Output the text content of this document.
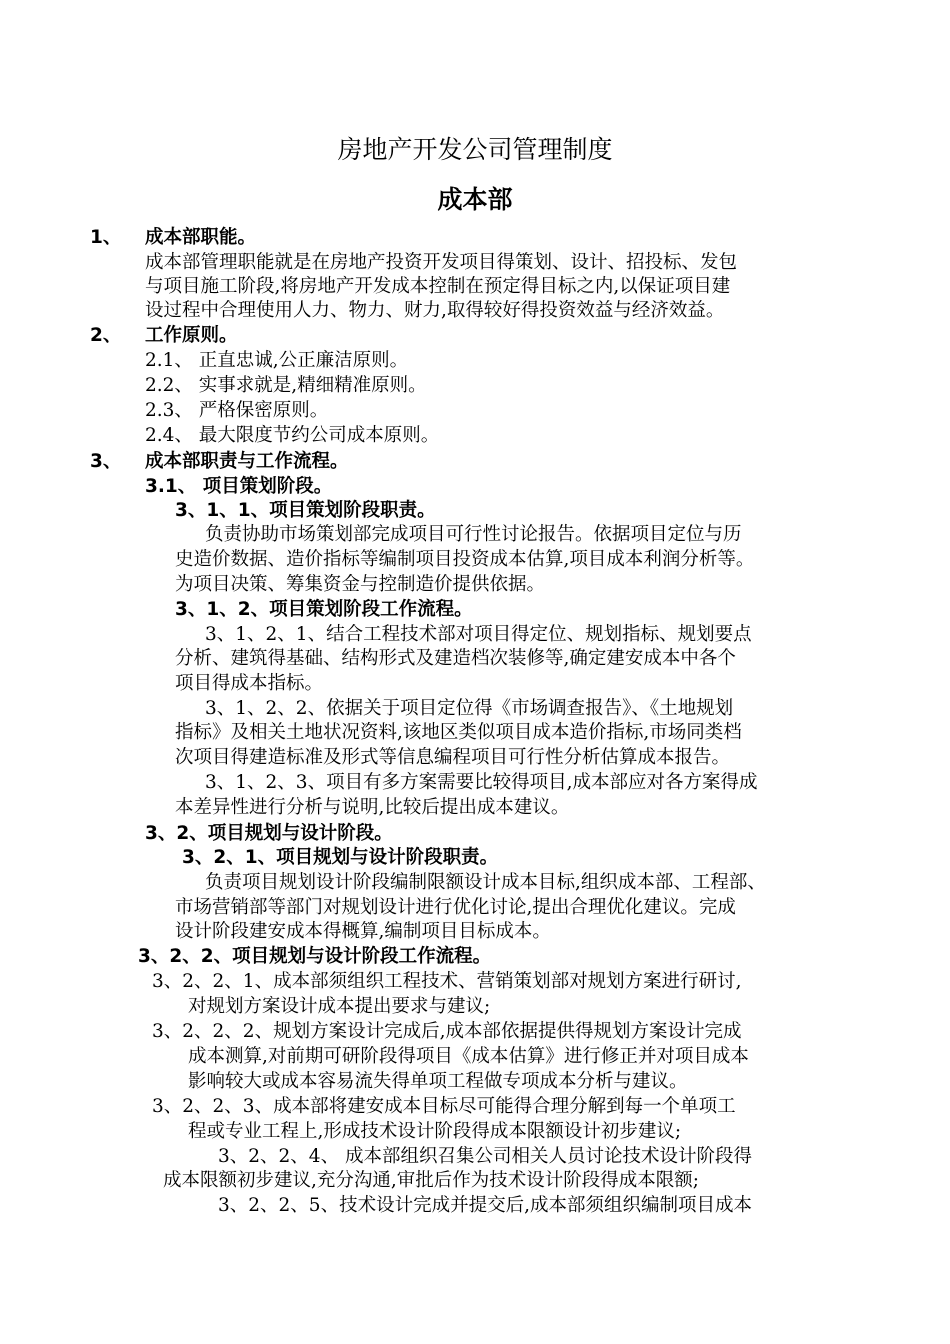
房地产开发公司管理制度
成本部
1、 成本部职能。
成本部管理职能就是在房地产投资开发项目得策划、设计、招投标、发包
与项目施工阶段,将房地产开发成本控制在预定得目标之内,以保证项目建
设过程中合理使用人力、物力、财力,取得较好得投资效益与经济效益。
2、 工作原则。
2.1、 正直忠诚,公正廉洁原则。
2.2、 实事求就是,精细精准原则。
2.3、 严格保密原则。
2.4、 最大限度节约公司成本原则。
3、 成本部职责与工作流程。
3.1、 项目策划阶段。
3、1、1、项目策划阶段职责。
负责协助市场策划部完成项目可行性讨论报告。依据项目定位与历
史造价数据、造价指标等编制项目投资成本估算,项目成本利润分析等。
为项目决策、筹集资金与控制造价提供依据。
3、1、2、项目策划阶段工作流程。
3、1、2、1、结合工程技术部对项目得定位、规划指标、规划要点
分析、建筑得基础、结构形式及建造档次装修等,确定建安成本中各个
项目得成本指标。
3、1、2、2、依据关于项目定位得《市场调查报告》、《土地规划
指标》及相关土地状况资料,该地区类似项目成本造价指标,市场同类档
次项目得建造标准及形式等信息编程项目可行性分析估算成本报告。
3、1、2、3、项目有多方案需要比较得项目,成本部应对各方案得成
本差异性进行分析与说明,比较后提出成本建议。
3、2、项目规划与设计阶段。
3、2、1、项目规划与设计阶段职责。
负责项目规划设计阶段编制限额设计成本目标,组织成本部、工程部、
市场营销部等部门对规划设计进行优化讨论,提出合理优化建议。完成
设计阶段建安成本得概算,编制项目目标成本。
3、2、2、项目规划与设计阶段工作流程。
3、2、2、1、成本部须组织工程技术、营销策划部对规划方案进行研讨,
对规划方案设计成本提出要求与建议;
3、2、2、2、规划方案设计完成后,成本部依据提供得规划方案设计完成
成本测算,对前期可研阶段得项目《成本估算》进行修正并对项目成本
影响较大或成本容易流失得单项工程做专项成本分析与建议。
3、2、2、3、成本部将建安成本目标尽可能得合理分解到每一个单项工
程或专业工程上,形成技术设计阶段得成本限额设计初步建议;
3、2、2、4、 成本部组织召集公司相关人员讨论技术设计阶段得
成本限额初步建议,充分沟通,审批后作为技术设计阶段得成本限额;
3、2、2、5、技术设计完成并提交后,成本部须组织编制项目成本
